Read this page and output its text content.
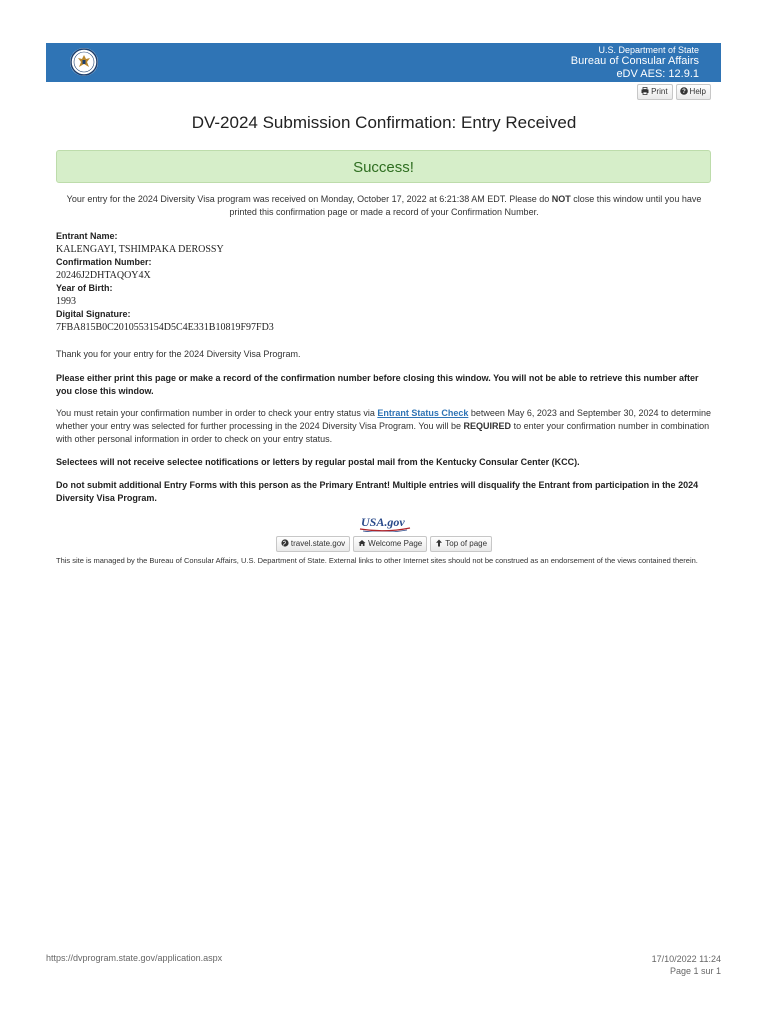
U.S. Department of State
Bureau of Consular Affairs
eDV AES: 12.9.1
Print ? Help
DV-2024 Submission Confirmation: Entry Received
Success!

Your entry for the 2024 Diversity Visa program was received on Monday, October 17, 2022 at 6:21:38 AM EDT. Please do NOT close this window until you have printed this confirmation page or made a record of your Confirmation Number.

Entrant Name:
KALENGAYI, TSHIMPAKA DEROSSY
Confirmation Number:
20246J2DHTAQOY4X
Year of Birth:
1993
Digital Signature:
7FBA815B0C2010553154D5C4E331B10819F97FD3

Thank you for your entry for the 2024 Diversity Visa Program.

Please either print this page or make a record of the confirmation number before closing this window. You will not be able to retrieve this number after you close this window.

You must retain your confirmation number in order to check your entry status via Entrant Status Check between May 6, 2023 and September 30, 2024 to determine whether your entry was selected for further processing in the 2024 Diversity Visa Program. You will be REQUIRED to enter your confirmation number in combination with other personal information in order to check on your entry status.

Selectees will not receive selectee notifications or letters by regular postal mail from the Kentucky Consular Center (KCC).

Do not submit additional Entry Forms with this person as the Primary Entrant! Multiple entries will disqualify the Entrant from participation in the 2024 Diversity Visa Program.

USA.gov
travel.state.gov	Welcome Page	Top of page

This site is managed by the Bureau of Consular Affairs, U.S. Department of State. External links to other Internet sites should not be construed as an endorsement of the views contained therein.

https://dvprogram.state.gov/application.aspx	17/10/2022 11:24
Page 1 sur 1
